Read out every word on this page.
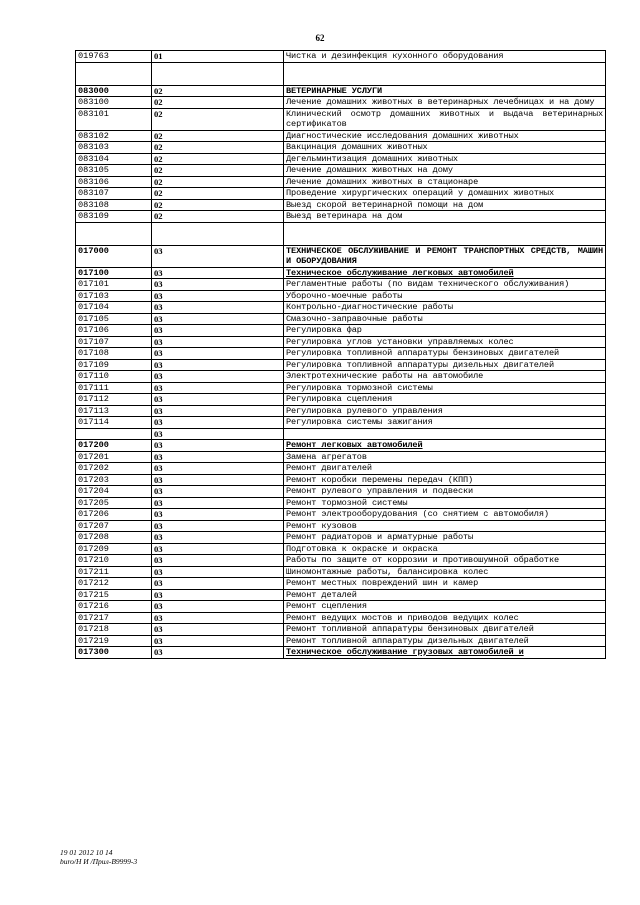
62
019763	01	Чистка и дезинфекция кухонного оборудования

083000	02	ВЕТЕРИНАРНЫЕ УСЛУГИ
083100	02	Лечение домашних животных в ветеринарных лечебницах и на дому
083101	02	Клинический осмотр домашних животных и выдача ветеринарных сертификатов
083102	02	Диагностические исследования домашних животных
083103	02	Вакцинация домашних животных
083104	02	Дегельминтизация домашних животных
083105	02	Лечение домашних животных на дому
083106	02	Лечение домашних животных в стационаре
083107	02	Проведение хирургических операций у домашних животных
083108	02	Выезд скорой ветеринарной помощи на дом
083109	02	Выезд ветеринара на дом

017000	03	ТЕХНИЧЕСКОЕ ОБСЛУЖИВАНИЕ И РЕМОНТ ТРАНСПОРТНЫХ СРЕДСТВ, МАШИН И ОБОРУДОВАНИЯ
017100	03	Техническое обслуживание легковых автомобилей
017101	03	Регламентные работы (по видам технического обслуживания)
017103	03	Уборочно-моечные работы
017104	03	Контрольно-диагностические работы
017105	03	Смазочно-заправочные работы
017106	03	Регулировка фар
017107	03	Регулировка углов установки управляемых колес
017108	03	Регулировка топливной аппаратуры бензиновых двигателей
017109	03	Регулировка топливной аппаратуры дизельных двигателей
017110	03	Электротехнические работы на автомобиле
017111	03	Регулировка тормозной системы
017112	03	Регулировка сцепления
017113	03	Регулировка рулевого управления
017114	03	Регулировка системы зажигания
	03	
017200	03	Ремонт легковых автомобилей
017201	03	Замена агрегатов
017202	03	Ремонт двигателей
017203	03	Ремонт коробки перемены передач (КПП)
017204	03	Ремонт рулевого управления и подвески
017205	03	Ремонт тормозной системы
017206	03	Ремонт электрооборудования (со снятием с автомобиля)
017207	03	Ремонт кузовов
017208	03	Ремонт радиаторов и арматурные работы
017209	03	Подготовка к окраске и окраска
017210	03	Работы по защите от коррозии и противошумной обработке
017211	03	Шиномонтажные работы, балансировка колес
017212	03	Ремонт местных повреждений шин и камер
017215	03	Ремонт деталей
017216	03	Ремонт сцепления
017217	03	Ремонт ведущих мостов и приводов ведущих колес
017218	03	Ремонт топливной аппаратуры бензиновых двигателей
017219	03	Ремонт топливной аппаратуры дизельных двигателей
017300	03	Техническое обслуживание грузовых автомобилей и
19 01 2012 10 14
buro/Н И /Прил-В9999-3
